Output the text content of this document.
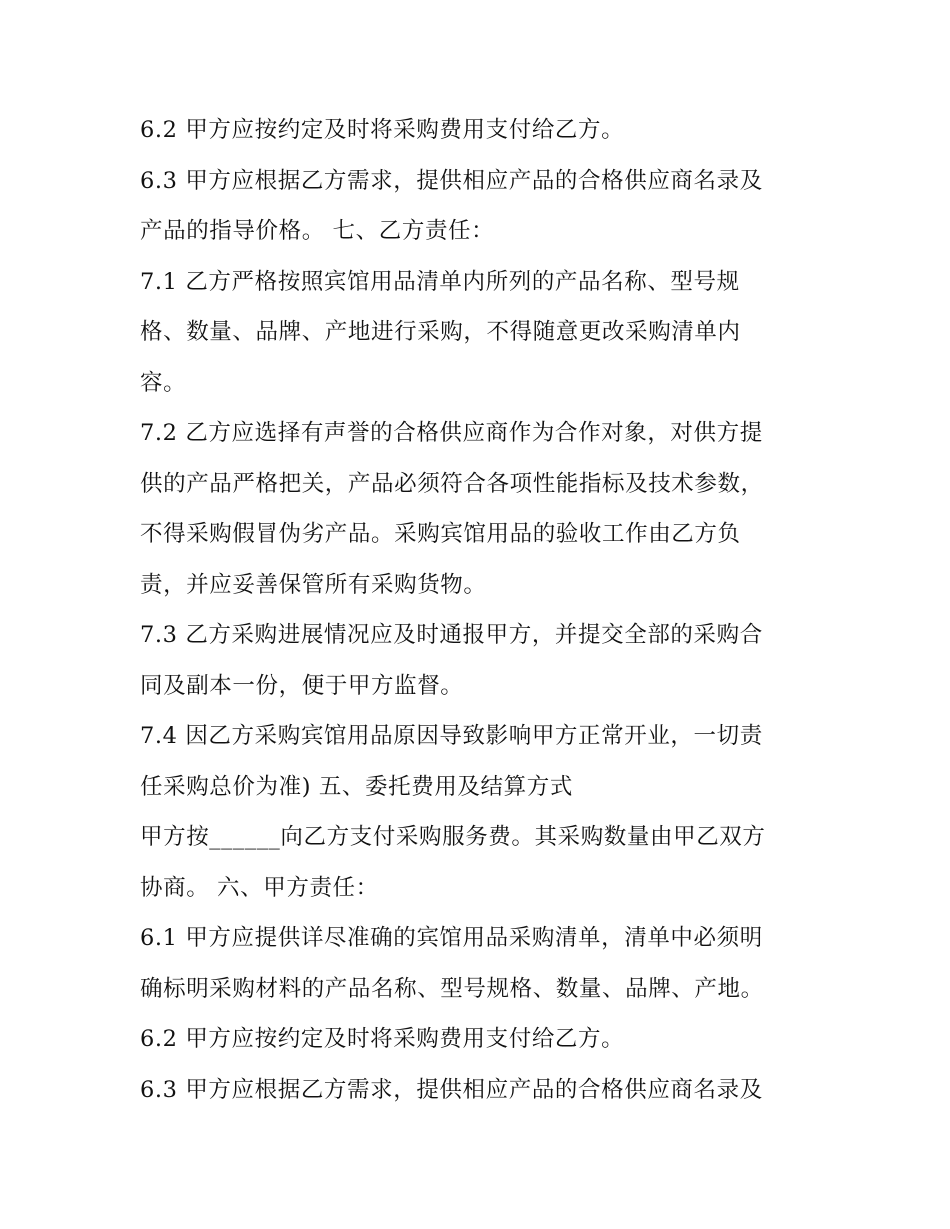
6.2 甲方应按约定及时将采购费用支付给乙方。
6.3 甲方应根据乙方需求，提供相应产品的合格供应商名录及
产品的指导价格。 七、乙方责任：
7.1 乙方严格按照宾馆用品清单内所列的产品名称、型号规
格、数量、品牌、产地进行采购，不得随意更改采购清单内
容。
7.2 乙方应选择有声誉的合格供应商作为合作对象，对供方提
供的产品严格把关，产品必须符合各项性能指标及技术参数，
不得采购假冒伪劣产品。采购宾馆用品的验收工作由乙方负
责，并应妥善保管所有采购货物。
7.3 乙方采购进展情况应及时通报甲方，并提交全部的采购合
同及副本一份，便于甲方监督。
7.4 因乙方采购宾馆用品原因导致影响甲方正常开业，一切责
任采购总价为准) 五、委托费用及结算方式
甲方按______向乙方支付采购服务费。其采购数量由甲乙双方
协商。 六、甲方责任：
6.1 甲方应提供详尽准确的宾馆用品采购清单，清单中必须明
确标明采购材料的产品名称、型号规格、数量、品牌、产地。
6.2 甲方应按约定及时将采购费用支付给乙方。
6.3 甲方应根据乙方需求，提供相应产品的合格供应商名录及
